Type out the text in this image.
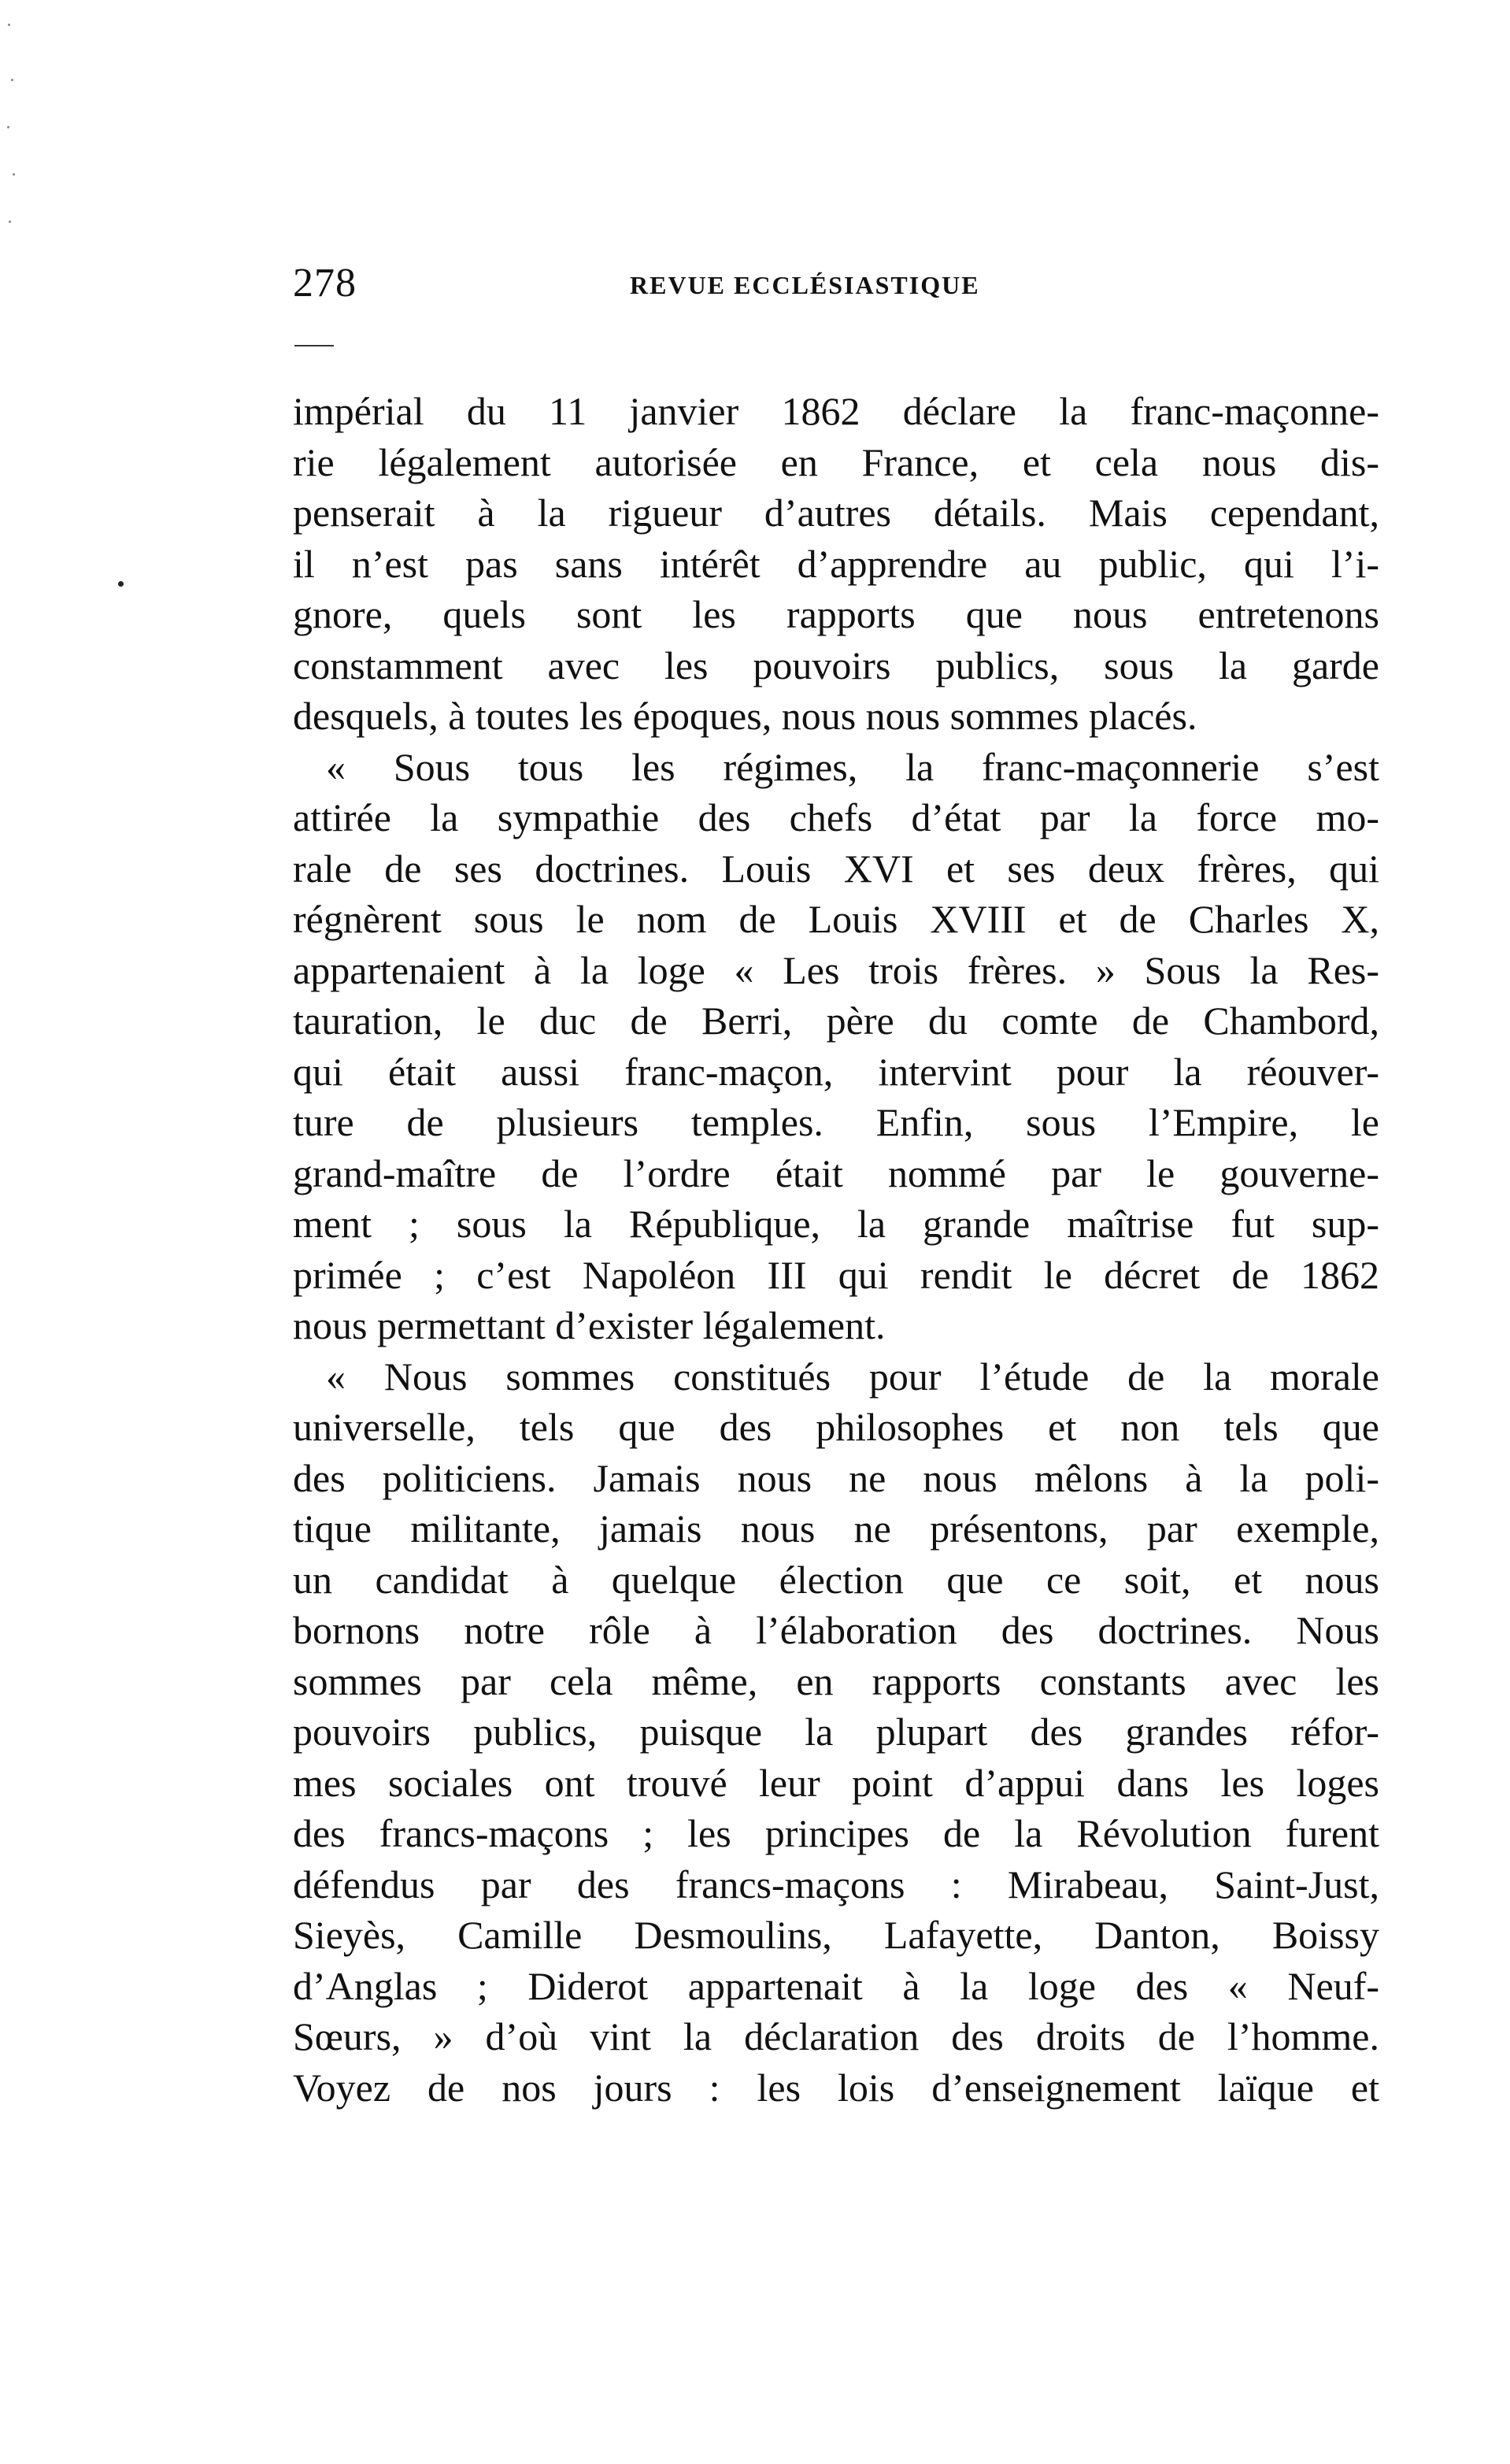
278	REVUE ECCLÉSIASTIQUE
impérial du 11 janvier 1862 déclare la franc-maçonne-
rie légalement autorisée en France, et cela nous dis-
penserait à la rigueur d’autres détails. Mais cependant,
il n’est pas sans intérêt d’apprendre au public, qui l’i-
gnore, quels sont les rapports que nous entretenons
constamment avec les pouvoirs publics, sous la garde
desquels, à toutes les époques, nous nous sommes placés.
« Sous tous les régimes, la franc-maçonnerie s’est
attirée la sympathie des chefs d’état par la force mo-
rale de ses doctrines. Louis XVI et ses deux frères, qui
régnèrent sous le nom de Louis XVIII et de Charles X,
appartenaient à la loge « Les trois frères. » Sous la Res-
tauration, le duc de Berri, père du comte de Chambord,
qui était aussi franc-maçon, intervint pour la réouver-
ture de plusieurs temples. Enfin, sous l’Empire, le
grand-maître de l’ordre était nommé par le gouverne-
ment ; sous la République, la grande maîtrise fut sup-
primée ; c’est Napoléon III qui rendit le décret de 1862
nous permettant d’exister légalement.
« Nous sommes constitués pour l’étude de la morale
universelle, tels que des philosophes et non tels que
des politiciens. Jamais nous ne nous mêlons à la poli-
tique militante, jamais nous ne présentons, par exemple,
un candidat à quelque élection que ce soit, et nous
bornons notre rôle à l’élaboration des doctrines. Nous
sommes par cela même, en rapports constants avec les
pouvoirs publics, puisque la plupart des grandes réfor-
mes sociales ont trouvé leur point d’appui dans les loges
des francs-maçons ; les principes de la Révolution furent
défendus par des francs-maçons : Mirabeau, Saint-Just,
Sieyès, Camille Desmoulins, Lafayette, Danton, Boissy
d’Anglas ; Diderot appartenait à la loge des « Neuf-
Sœurs, » d’où vint la déclaration des droits de l’homme.
Voyez de nos jours : les lois d’enseignement laïque et
